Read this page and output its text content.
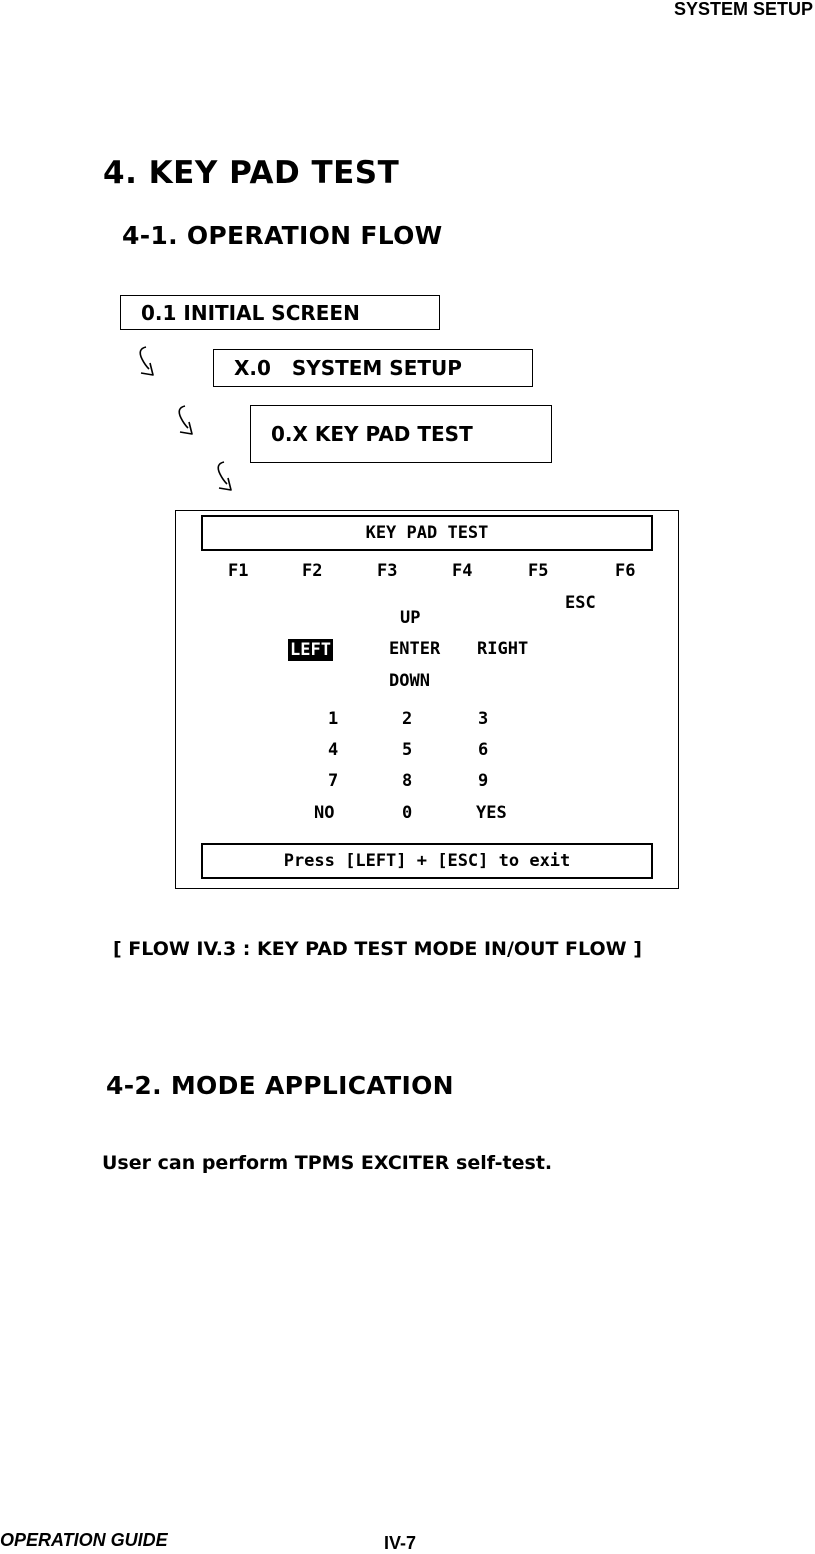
SYSTEM SETUP
4. KEY PAD TEST
4-1. OPERATION FLOW
0.1 INITIAL SCREEN
X.0   SYSTEM SETUP
0.X KEY PAD TEST
KEY PAD TEST
F1	F2	F3	F4	F5	F6
ESC
UP
LEFT	ENTER RIGHT
DOWN
1	2	3
4	5	6
7	8	9
NO	0	YES
Press [LEFT] + [ESC] to exit
[ FLOW IV.3 : KEY PAD TEST MODE IN/OUT FLOW ]
4-2. MODE APPLICATION
User can perform TPMS EXCITER self-test.
OPERATION GUIDE	IV-7
